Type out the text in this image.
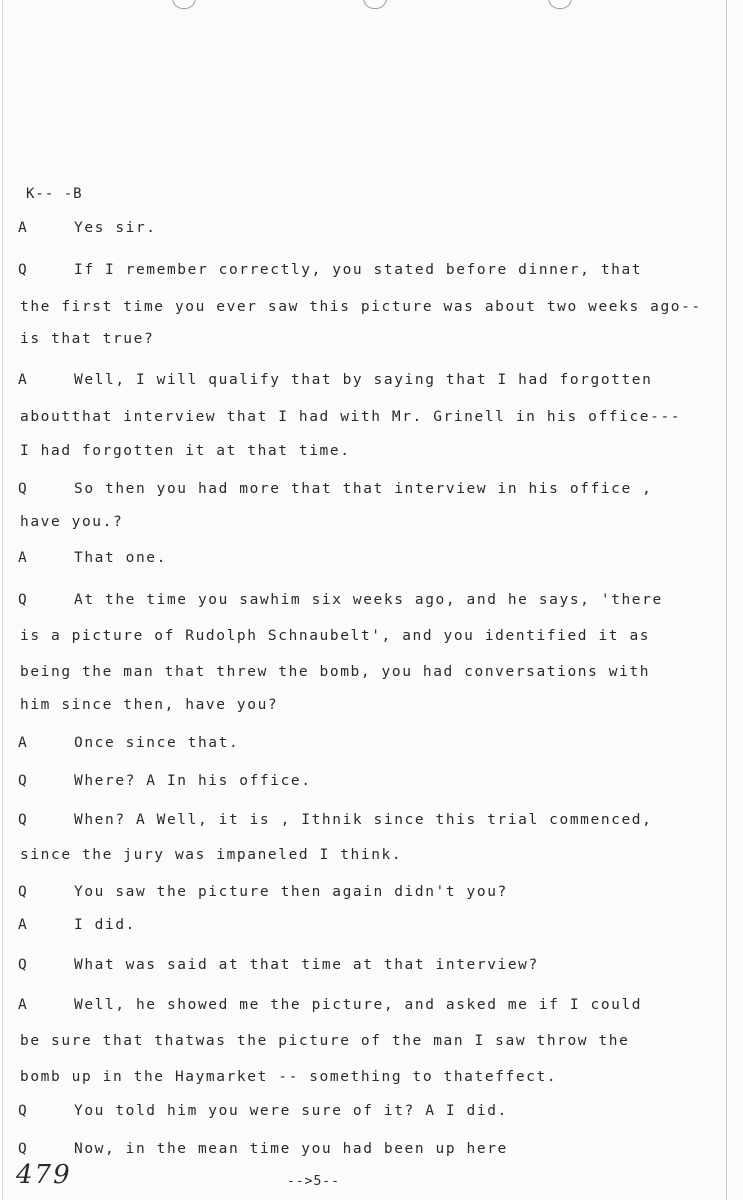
K-- -B
A	Yes sir.
Q	If I remember correctly, you stated before dinner, that
the first time you ever saw this picture was about two weeks ago--
is that true?
A	Well, I will qualify that by saying that I had forgotten
aboutthat interview that I had with Mr. Grinell in his office---
I had forgotten it at that time.
Q	So then you had more that that interview in his office ,
have you.?
A	That one.
Q	At the time you sawhim six weeks ago, and he says, 'there
is a picture of Rudolph Schnaubelt', and you identified it as
being the man that threw the bomb, you had conversations with
him since then, have you?
A	Once since that.
Q	Where? A In his office.
Q	When? A Well, it is , Ithnik since this trial commenced,
since the jury was impaneled I think.
Q	You saw the picture then again didn't you?
A	I did.
Q	What was said at that time at that interview?
A	Well, he showed me the picture, and asked me if I could
be sure that thatwas the picture of the man I saw throw the
bomb up in the Haymarket -- something to thateffect.
Q	You told him you were sure of it? A I did.
Q	Now, in the mean time you had been up here
-->5--
479
